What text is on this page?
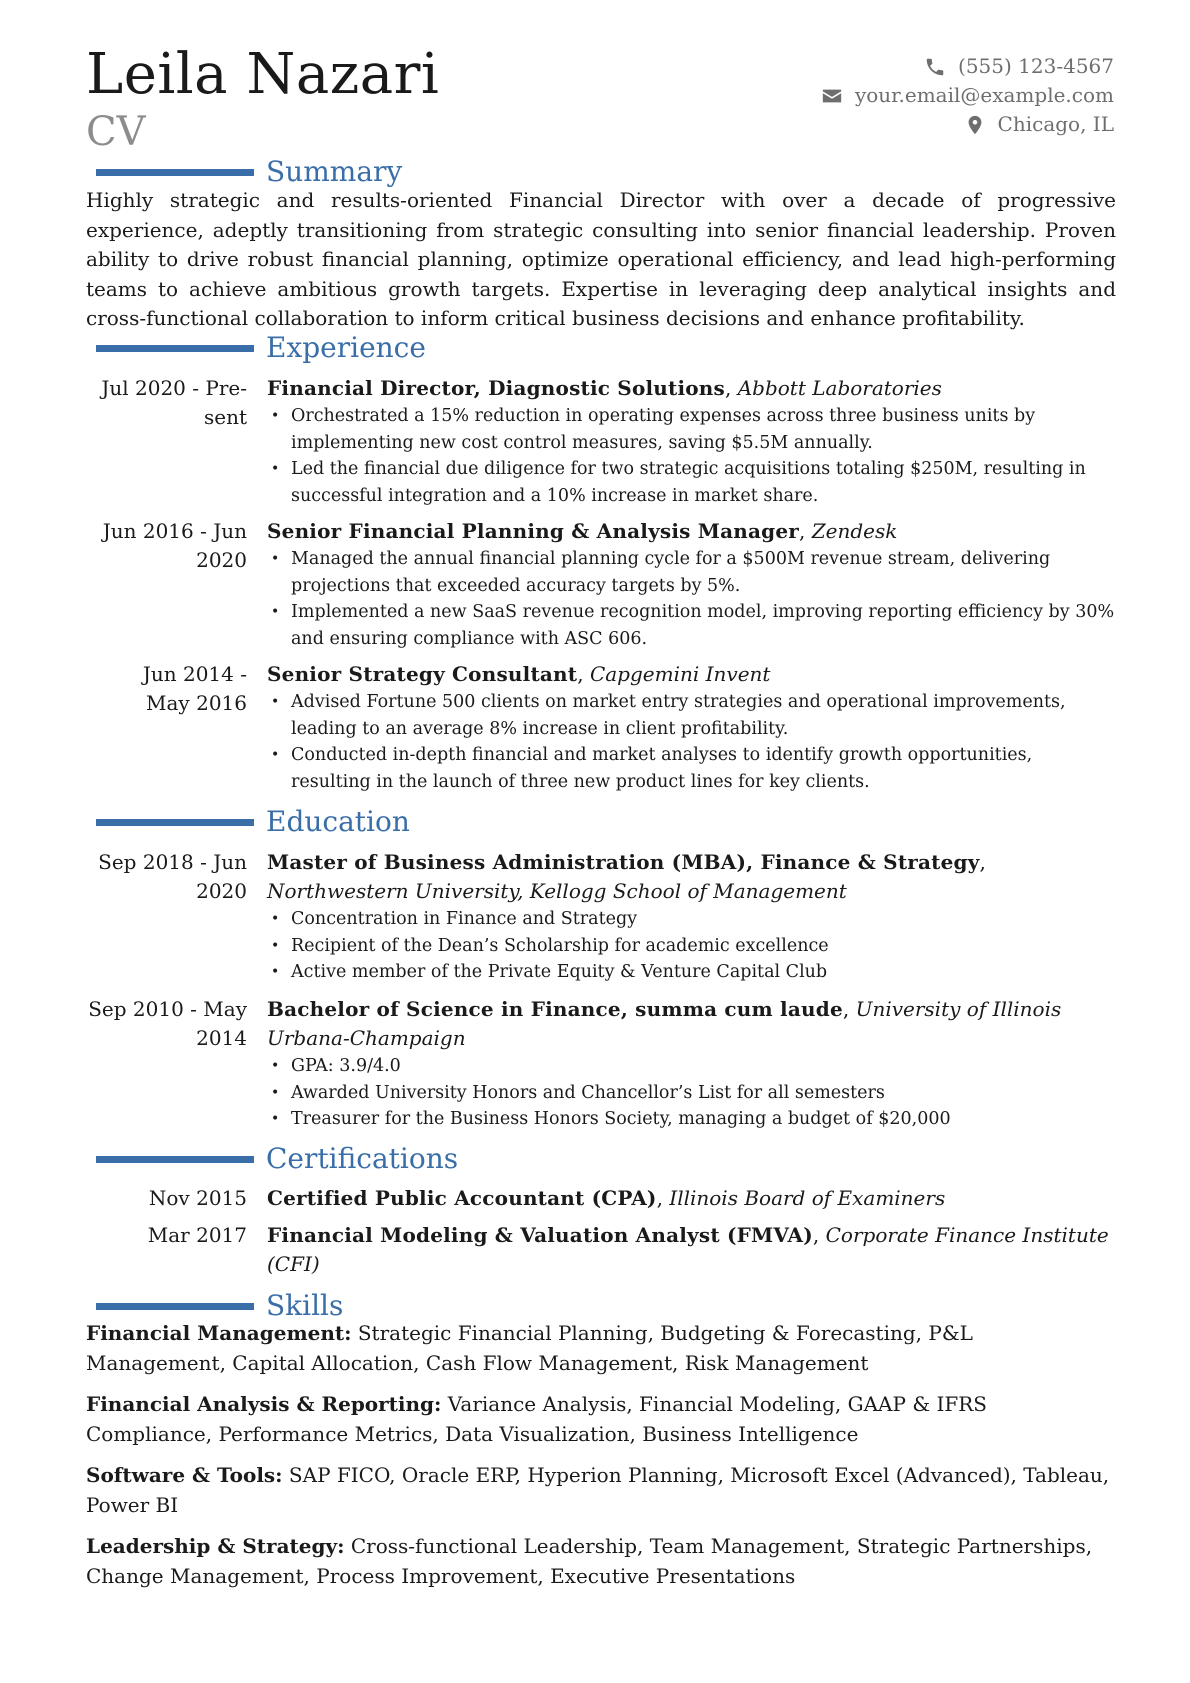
Leila Nazari
CV
(555) 123-4567
your.email@example.com
Chicago, IL
Summary
Highly strategic and results-oriented Financial Director with over a decade of progressive experience, adeptly transitioning from strategic consulting into senior financial leadership. Proven ability to drive robust financial planning, optimize operational efficiency, and lead high-performing teams to achieve ambitious growth targets. Expertise in leveraging deep analytical insights and cross-functional collaboration to inform critical business decisions and enhance profitability.
Experience
Jul 2020 - Pre-
sent
Financial Director, Diagnostic Solutions, Abbott Laboratories
• Orchestrated a 15% reduction in operating expenses across three business units by implementing new cost control measures, saving $5.5M annually.
• Led the financial due diligence for two strategic acquisitions totaling $250M, resulting in successful integration and a 10% increase in market share.
Jun 2016 - Jun
2020
Senior Financial Planning & Analysis Manager, Zendesk
• Managed the annual financial planning cycle for a $500M revenue stream, delivering projections that exceeded accuracy targets by 5%.
• Implemented a new SaaS revenue recognition model, improving reporting efficiency by 30% and ensuring compliance with ASC 606.
Jun 2014 -
May 2016
Senior Strategy Consultant, Capgemini Invent
• Advised Fortune 500 clients on market entry strategies and operational improvements, leading to an average 8% increase in client profitability.
• Conducted in-depth financial and market analyses to identify growth opportunities, resulting in the launch of three new product lines for key clients.
Education
Sep 2018 - Jun
2020
Master of Business Administration (MBA), Finance & Strategy, Northwestern University, Kellogg School of Management
• Concentration in Finance and Strategy
• Recipient of the Dean’s Scholarship for academic excellence
• Active member of the Private Equity & Venture Capital Club
Sep 2010 - May
2014
Bachelor of Science in Finance, summa cum laude, University of Illinois Urbana-Champaign
• GPA: 3.9/4.0
• Awarded University Honors and Chancellor’s List for all semesters
• Treasurer for the Business Honors Society, managing a budget of $20,000
Certifications
Nov 2015 Certified Public Accountant (CPA), Illinois Board of Examiners
Mar 2017 Financial Modeling & Valuation Analyst (FMVA), Corporate Finance Institute (CFI)
Skills
Financial Management: Strategic Financial Planning, Budgeting & Forecasting, P&L Management, Capital Allocation, Cash Flow Management, Risk Management
Financial Analysis & Reporting: Variance Analysis, Financial Modeling, GAAP & IFRS Compliance, Performance Metrics, Data Visualization, Business Intelligence
Software & Tools: SAP FICO, Oracle ERP, Hyperion Planning, Microsoft Excel (Advanced), Tableau, Power BI
Leadership & Strategy: Cross-functional Leadership, Team Management, Strategic Partnerships, Change Management, Process Improvement, Executive Presentations
